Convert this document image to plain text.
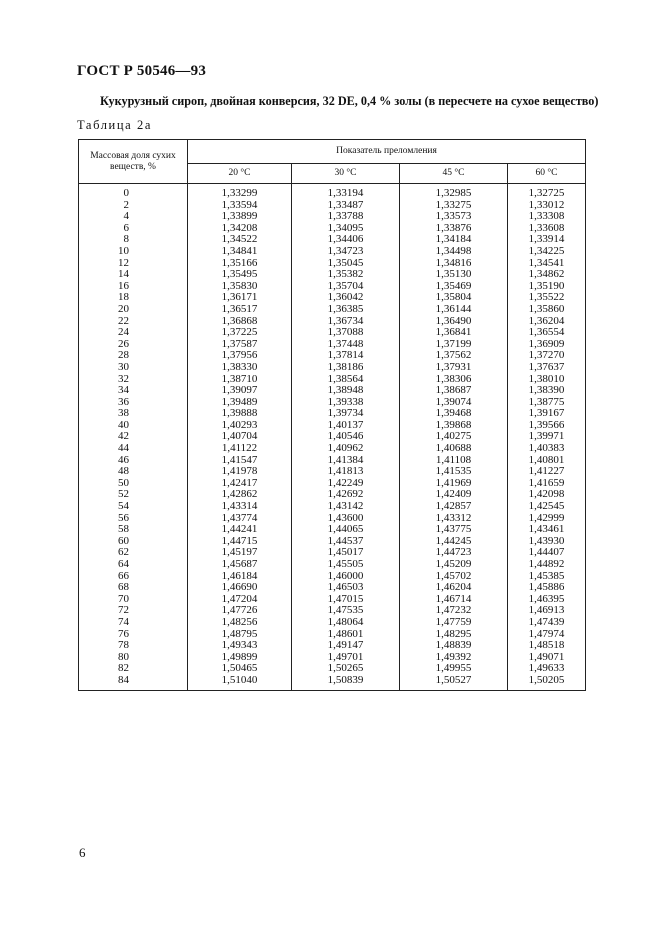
ГОСТ Р 50546—93
Кукурузный сироп, двойная конверсия, 32 DE, 0,4 % золы (в пересчете на сухое вещество)
Таблица 2а
Массовая доля сухих веществ, %	Показатель преломления			
	20 °C	30 °C	45 °C	60 °C
0	1,33299	1,33194	1,32985	1,32725
2	1,33594	1,33487	1,33275	1,33012
4	1,33899	1,33788	1,33573	1,33308
6	1,34208	1,34095	1,33876	1,33608
8	1,34522	1,34406	1,34184	1,33914
10	1,34841	1,34723	1,34498	1,34225
12	1,35166	1,35045	1,34816	1,34541
14	1,35495	1,35382	1,35130	1,34862
16	1,35830	1,35704	1,35469	1,35190
18	1,36171	1,36042	1,35804	1,35522
20	1,36517	1,36385	1,36144	1,35860
22	1,36868	1,36734	1,36490	1,36204
24	1,37225	1,37088	1,36841	1,36554
26	1,37587	1,37448	1,37199	1,36909
28	1,37956	1,37814	1,37562	1,37270
30	1,38330	1,38186	1,37931	1,37637
32	1,38710	1,38564	1,38306	1,38010
34	1,39097	1,38948	1,38687	1,38390
36	1,39489	1,39338	1,39074	1,38775
38	1,39888	1,39734	1,39468	1,39167
40	1,40293	1,40137	1,39868	1,39566
42	1,40704	1,40546	1,40275	1,39971
44	1,41122	1,40962	1,40688	1,40383
46	1,41547	1,41384	1,41108	1,40801
48	1,41978	1,41813	1,41535	1,41227
50	1,42417	1,42249	1,41969	1,41659
52	1,42862	1,42692	1,42409	1,42098
54	1,43314	1,43142	1,42857	1,42545
56	1,43774	1,43600	1,43312	1,42999
58	1,44241	1,44065	1,43775	1,43461
60	1,44715	1,44537	1,44245	1,43930
62	1,45197	1,45017	1,44723	1,44407
64	1,45687	1,45505	1,45209	1,44892
66	1,46184	1,46000	1,45702	1,45385
68	1,46690	1,46503	1,46204	1,45886
70	1,47204	1,47015	1,46714	1,46395
72	1,47726	1,47535	1,47232	1,46913
74	1,48256	1,48064	1,47759	1,47439
76	1,48795	1,48601	1,48295	1,47974
78	1,49343	1,49147	1,48839	1,48518
80	1,49899	1,49701	1,49392	1,49071
82	1,50465	1,50265	1,49955	1,49633
84	1,51040	1,50839	1,50527	1,50205
6
